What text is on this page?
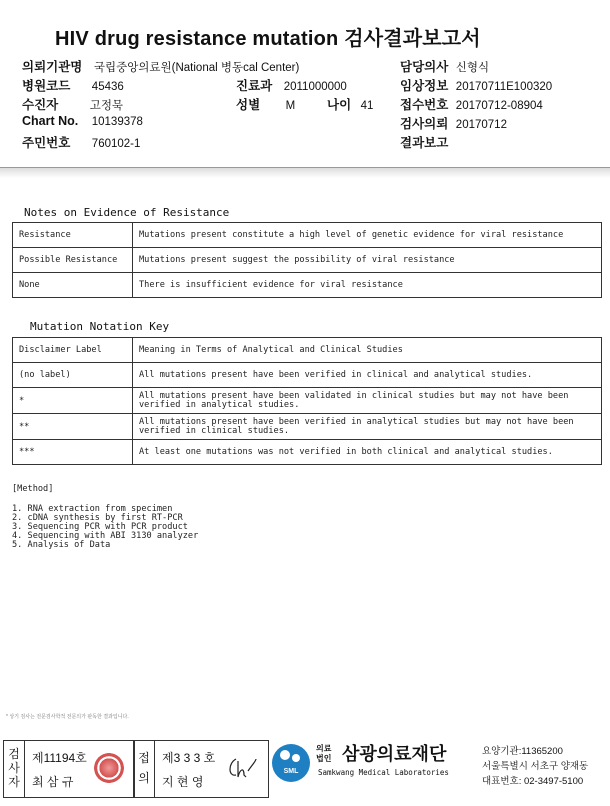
HIV drug resistance mutation 검사결과보고서
의뢰기관명 국립중앙의료원(National 병동cal Center)
병원코드 45436
수진자	고정묵
Chart No. 10139378
주민번호 760102-1
진료과 2011000000
성별 M	나이 41
담당의사 신형식
임상정보 20170711E100320
접수번호 20170712-08904
검사의뢰 20170712
결과보고
Notes on Evidence of Resistance
Resistance	Mutations present constitute a high level of genetic evidence for viral resistance
Possible Resistance	Mutations present suggest the possibility of viral resistance
None	There is insufficient evidence for viral resistance
Mutation Notation Key
Disclaimer Label	Meaning in Terms of Analytical and Clinical Studies
(no label)	All mutations present have been verified in clinical and analytical studies.
*	All mutations present have been validated in clinical studies but may not have been
verified in analytical studies.
**	All mutations present have been verified in analytical studies but may not have been
verified in clinical studies.
***	At least one mutations was not verified in both clinical and analytical studies.
[Method]
1. RNA extraction from specimen
2. cDNA synthesis by first RT-PCR
3. Sequencing PCR with PCR product
4. Sequencing with ABI 3130 analyzer
5. Analysis of Data
* 상기 검사는 전문검사학적 전문의가 판독한 결과입니다.
검
사
자
제11194호
최 삼 규
접
의
제3 3 3 호
지 현 영
SML
의료
법인 삼광의료재단
Samkwang Medical Laboratories
요양기관:11365200
서울특별시 서초구 양재동
대표번호: 02-3497-5100
